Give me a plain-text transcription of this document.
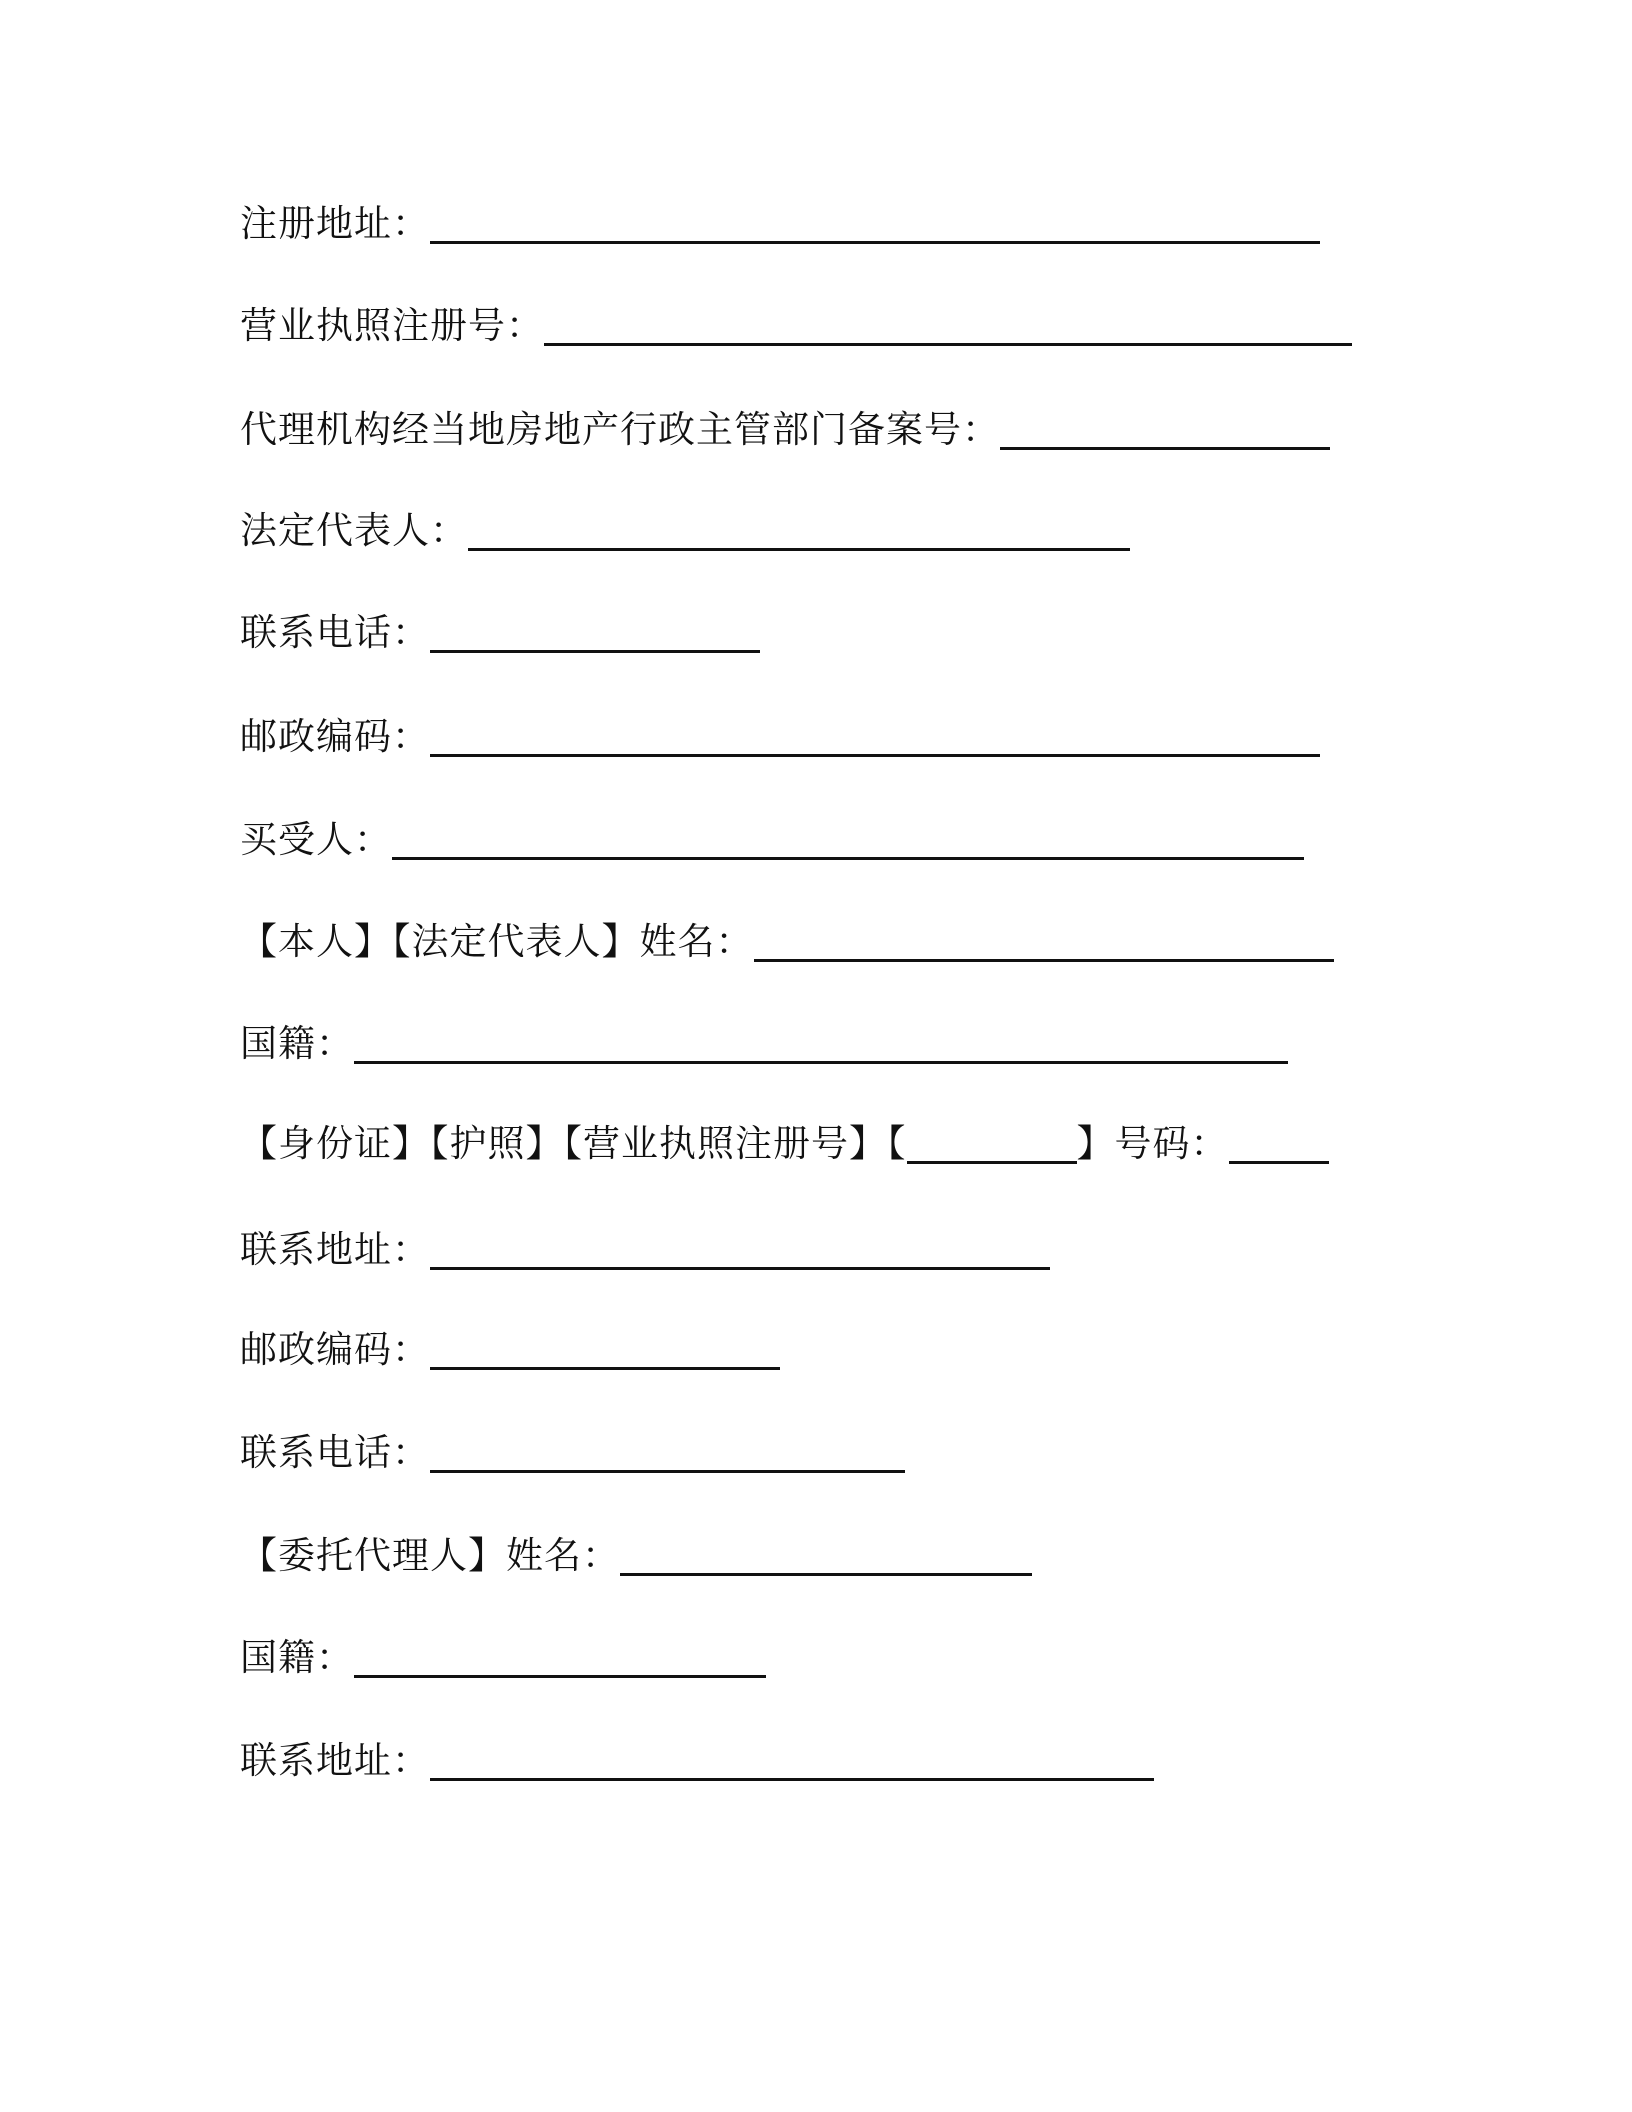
注册地址：
营业执照注册号：
代理机构经当地房地产行政主管部门备案号：
法定代表人：
联系电话：
邮政编码：
买受人：
【本人】【法定代表人】姓名：
国籍：
【身份证】【护照】【营业执照注册号】【	】号码：
联系地址：
邮政编码：
联系电话：
【委托代理人】姓名：
国籍：
联系地址：
